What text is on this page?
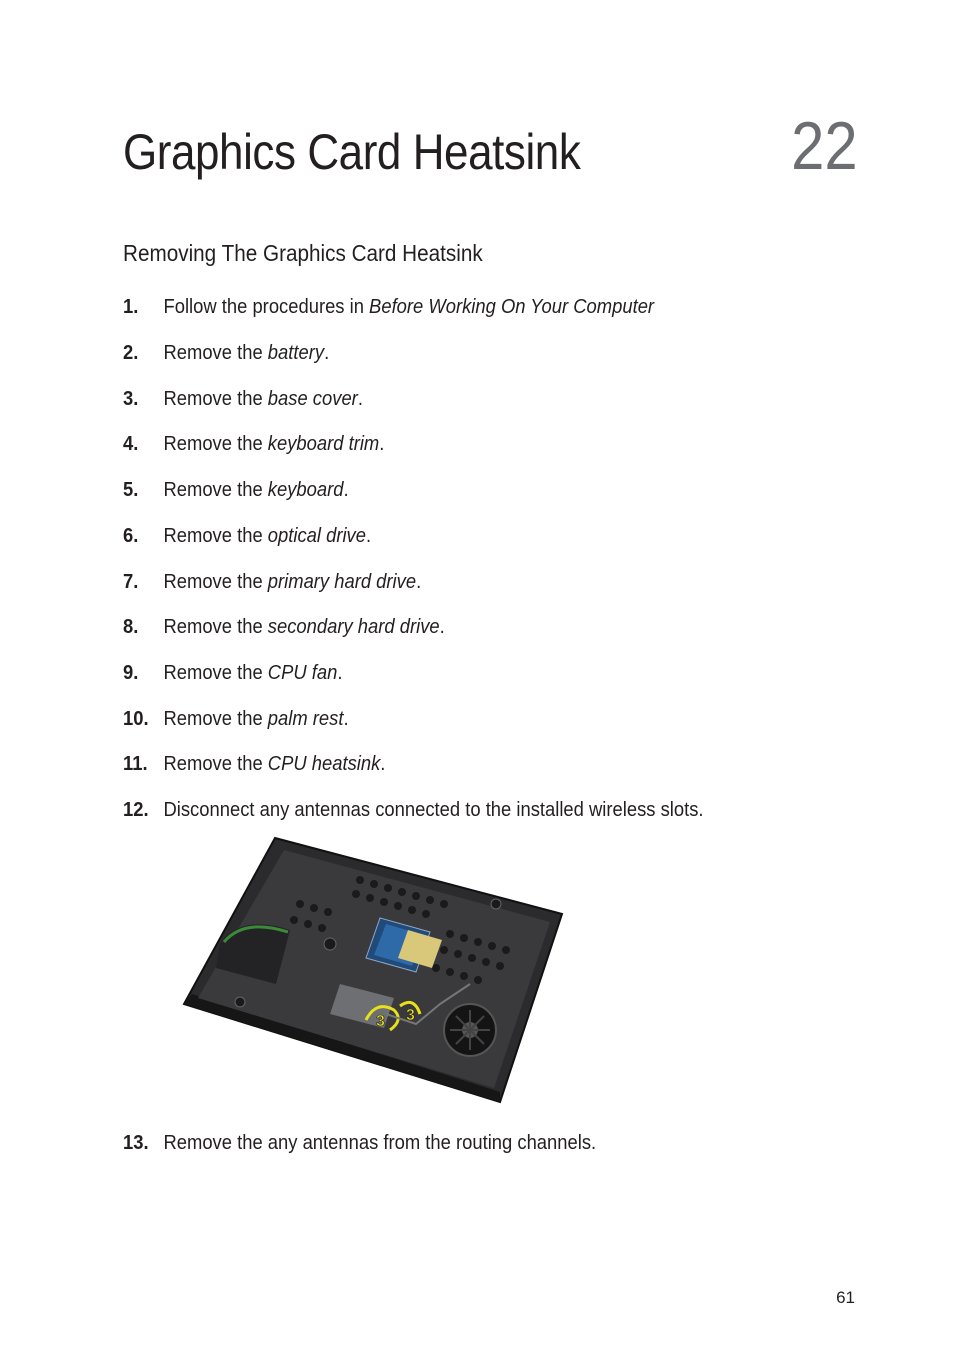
Graphics Card Heatsink	22
Removing The Graphics Card Heatsink
1. Follow the procedures in Before Working On Your Computer
2. Remove the battery.
3. Remove the base cover.
4. Remove the keyboard trim.
5. Remove the keyboard.
6. Remove the optical drive.
7. Remove the primary hard drive.
8. Remove the secondary hard drive.
9. Remove the CPU fan.
10. Remove the palm rest.
11. Remove the CPU heatsink.
12. Disconnect any antennas connected to the installed wireless slots.
3 3
13. Remove the any antennas from the routing channels.
61
